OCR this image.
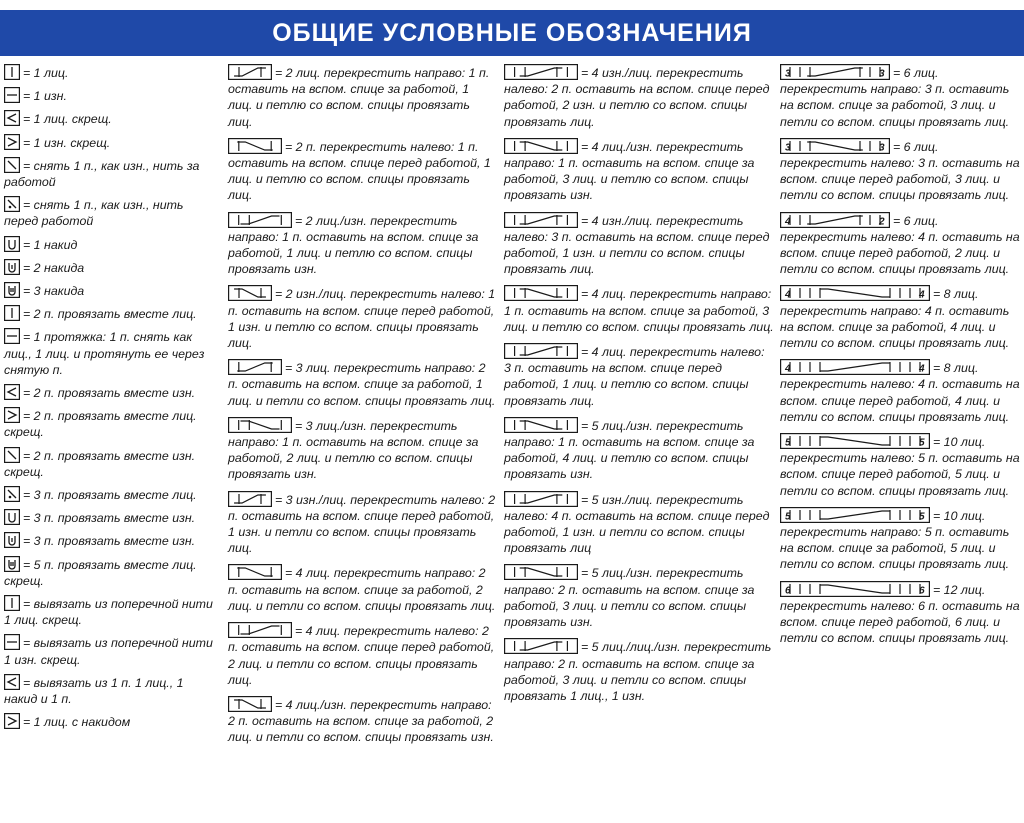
ОБЩИЕ УСЛОВНЫЕ ОБОЗНАЧЕНИЯ

= 1 лиц.

= 1 изн.

= 1 лиц. скрещ.

= 1 изн. скрещ.

= снять 1 п., как изн., нить за работой

= снять 1 п., как изн., нить перед работой

= 1 накид

= 2 накида

= 3 накида

= 2 п. провязать вместе лиц.

= 1 протяжка: 1 п. снять как лиц., 1 лиц. и протянуть ее через снятую п.

= 2 п. провязать вместе изн.

= 2 п. провязать вместе лиц. скрещ.

= 2 п. провязать вместе изн. скрещ.

= 3 п. провязать вместе лиц.

= 3 п. провязать вместе изн.

= 3 п. провязать вместе изн.

= 5 п. провязать вместе лиц. скрещ.

= вывязать из поперечной нити 1 лиц. скрещ.

= вывязать из поперечной нити 1 изн. скрещ.

= вывязать из 1 п. 1 лиц., 1 накид и 1 п.

= 1 лиц. с накидом

= 2 лиц. перекрестить направо: 1 п. оставить на вспом. спице за работой, 1 лиц. и петлю со вспом. спицы провязать лиц.

= 2 п. перекрестить налево: 1 п. оставить на вспом. спице перед работой, 1 лиц. и петлю со вспом. спицы провязать лиц.

= 2 лиц./изн. перекрестить направо: 1 п. оставить на вспом. спице за работой, 1 лиц. и петлю со вспом. спицы провязать изн.

= 2 изн./лиц. перекрестить налево: 1 п. оставить на вспом. спице перед работой, 1 изн. и петлю со вспом. спицы провязать лиц.

= 3 лиц. перекрестить направо: 2 п. оставить на вспом. спице за работой, 1 лиц. и петли со вспом. спицы провязать лиц.

= 3 лиц./изн. перекрестить направо: 1 п. оставить на вспом. спице за работой, 2 лиц. и петлю со вспом. спицы провязать изн.

= 3 изн./лиц. перекрестить налево: 2 п. оставить на вспом. спице перед работой, 1 изн. и петли со вспом. спицы провязать лиц.

= 4 лиц. перекрестить направо: 2 п. оставить на вспом. спице за работой, 2 лиц. и петли со вспом. спицы провязать лиц.

= 4 лиц. перекрестить налево: 2 п. оставить на вспом. спице перед работой, 2 лиц. и петли со вспом. спицы провязать лиц.

= 4 лиц./изн. перекрестить направо: 2 п. оставить на вспом. спице за работой, 2 лиц. и петли со вспом. спицы провязать изн.

= 4 изн./лиц. перекрестить налево: 2 п. оставить на вспом. спице перед работой, 2 изн. и петлю со вспом. спицы провязать лиц.

= 4 лиц./изн. перекрестить направо: 1 п. оставить на вспом. спице за работой, 3 лиц. и петлю со вспом. спицы провязать изн.

= 4 изн./лиц. перекрестить налево: 3 п. оставить на вспом. спице перед работой, 1 изн. и петли со вспом. спицы провязать лиц.

= 4 лиц. перекрестить направо: 1 п. оставить на вспом. спице за работой, 3 лиц. и петлю со вспом. спицы провязать лиц.

= 4 лиц. перекрестить налево: 3 п. оставить на вспом. спице перед работой, 1 лиц. и петлю со вспом. спицы провязать лиц.

= 5 лиц./изн. перекрестить направо: 1 п. оставить на вспом. спице за работой, 4 лиц. и петлю со вспом. спицы провязать изн.

= 5 изн./лиц. перекрестить налево: 4 п. оставить на вспом. спице перед работой, 1 изн. и петли со вспом. спицы провязать лиц

= 5 лиц./изн. перекрестить направо: 2 п. оставить на вспом. спице за работой, 3 лиц. и петли со вспом. спицы провязать изн.

= 5 лиц./лиц./изн. перекрестить направо: 2 п. оставить на вспом. спице за работой, 3 лиц. и петли со вспом. спицы провязать 1 лиц., 1 изн.

3	3 = 6 лиц. перекрестить направо: 3 п. оставить на вспом. спице за работой, 3 лиц. и петли со вспом. спицы провязать лиц.

3	3 = 6 лиц. перекрестить налево: 3 п. оставить на вспом. спице перед работой, 3 лиц. и петли со вспом. спицы провязать лиц.

4	2 = 6 лиц. перекрестить налево: 4 п. оставить на вспом. спице перед работой, 2 лиц. и петли со вспом. спицы провязать лиц.

4	4 = 8 лиц. перекрестить направо: 4 п. оставить на вспом. спице за работой, 4 лиц. и петли со вспом. спицы провязать лиц.

4	4 = 8 лиц. перекрестить налево: 4 п. оставить на вспом. спице перед работой, 4 лиц. и петли со вспом. спицы провязать лиц.

5	5 = 10 лиц. перекрестить налево: 5 п. оставить на вспом. спице перед работой, 5 лиц. и петли со вспом. спицы провязать лиц.

5	5 = 10 лиц. перекрестить направо: 5 п. оставить на вспом. спице за работой, 5 лиц. и петли со вспом. спицы провязать лиц.

6	6 = 12 лиц. перекрестить налево: 6 п. оставить на вспом. спице перед работой, 6 лиц. и петли со вспом. спицы провязать лиц.
